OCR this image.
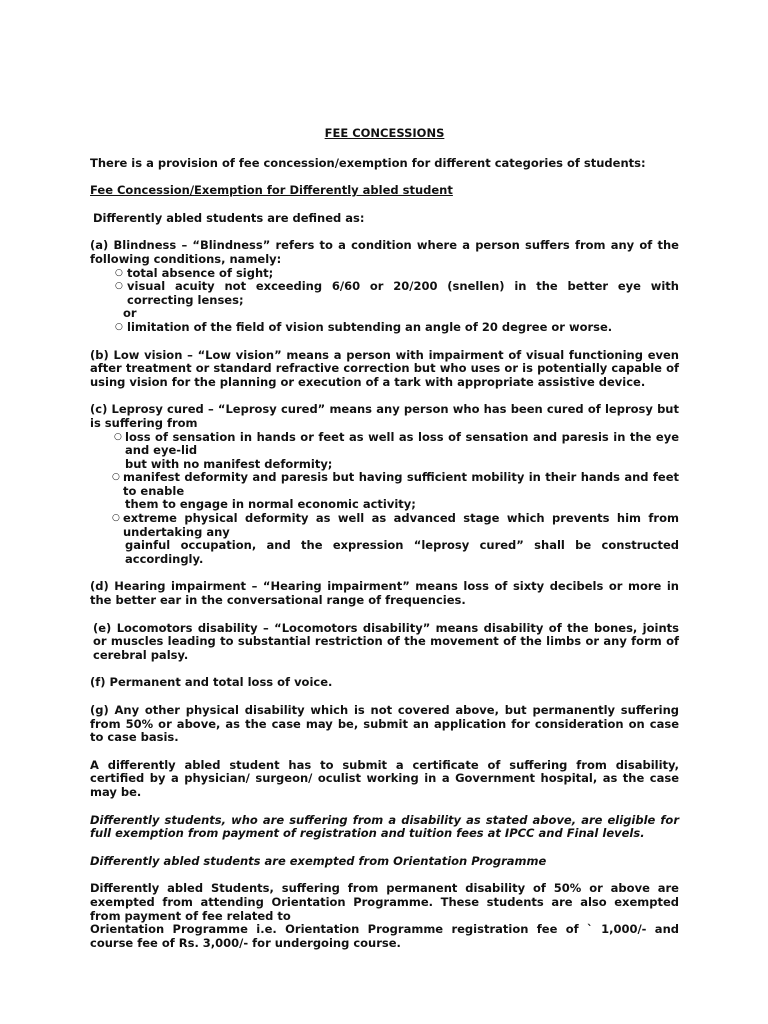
FEE CONCESSIONS

There is a provision of fee concession/exemption for different categories of students:

Fee Concession/Exemption for Differently abled student

Differently abled students are defined as:

(a) Blindness – “Blindness” refers to a condition where a person suffers from any of the following conditions, namely:

○ total absence of sight;
○ visual acuity not exceeding 6/60 or 20/200 (snellen) in the better eye with correcting lenses;
or
○ limitation of the field of vision subtending an angle of 20 degree or worse.

(b) Low vision – “Low vision” means a person with impairment of visual functioning even after treatment or standard refractive correction but who uses or is potentially capable of using vision for the planning or execution of a tark with appropriate assistive device.

(c) Leprosy cured – “Leprosy cured” means any person who has been cured of leprosy but is suffering from

○ loss of sensation in hands or feet as well as loss of sensation and paresis in the eye and eye-lid
but with no manifest deformity;
○ manifest deformity and paresis but having sufficient mobility in their hands and feet to enable
them to engage in normal economic activity;
○ extreme physical deformity as well as advanced stage which prevents him from undertaking any
gainful occupation, and the expression “leprosy cured” shall be constructed accordingly.

(d) Hearing impairment – “Hearing impairment” means loss of sixty decibels or more in the better ear in the conversational range of frequencies.

(e) Locomotors disability – “Locomotors disability” means disability of the bones, joints or muscles leading to substantial restriction of the movement of the limbs or any form of cerebral palsy.

(f) Permanent and total loss of voice.

(g) Any other physical disability which is not covered above, but permanently suffering from 50% or above, as the case may be, submit an application for consideration on case to case basis.

A differently abled student has to submit a certificate of suffering from disability, certified by a physician/ surgeon/ oculist working in a Government hospital, as the case may be.

Differently students, who are suffering from a disability as stated above, are eligible for full exemption from payment of registration and tuition fees at IPCC and Final levels.

Differently abled students are exempted from Orientation Programme

Differently abled Students, suffering from permanent disability of 50% or above are exempted from attending Orientation Programme. These students are also exempted from payment of fee related to

Orientation Programme i.e. Orientation Programme registration fee of ` 1,000/- and course fee of Rs. 3,000/- for undergoing course.
